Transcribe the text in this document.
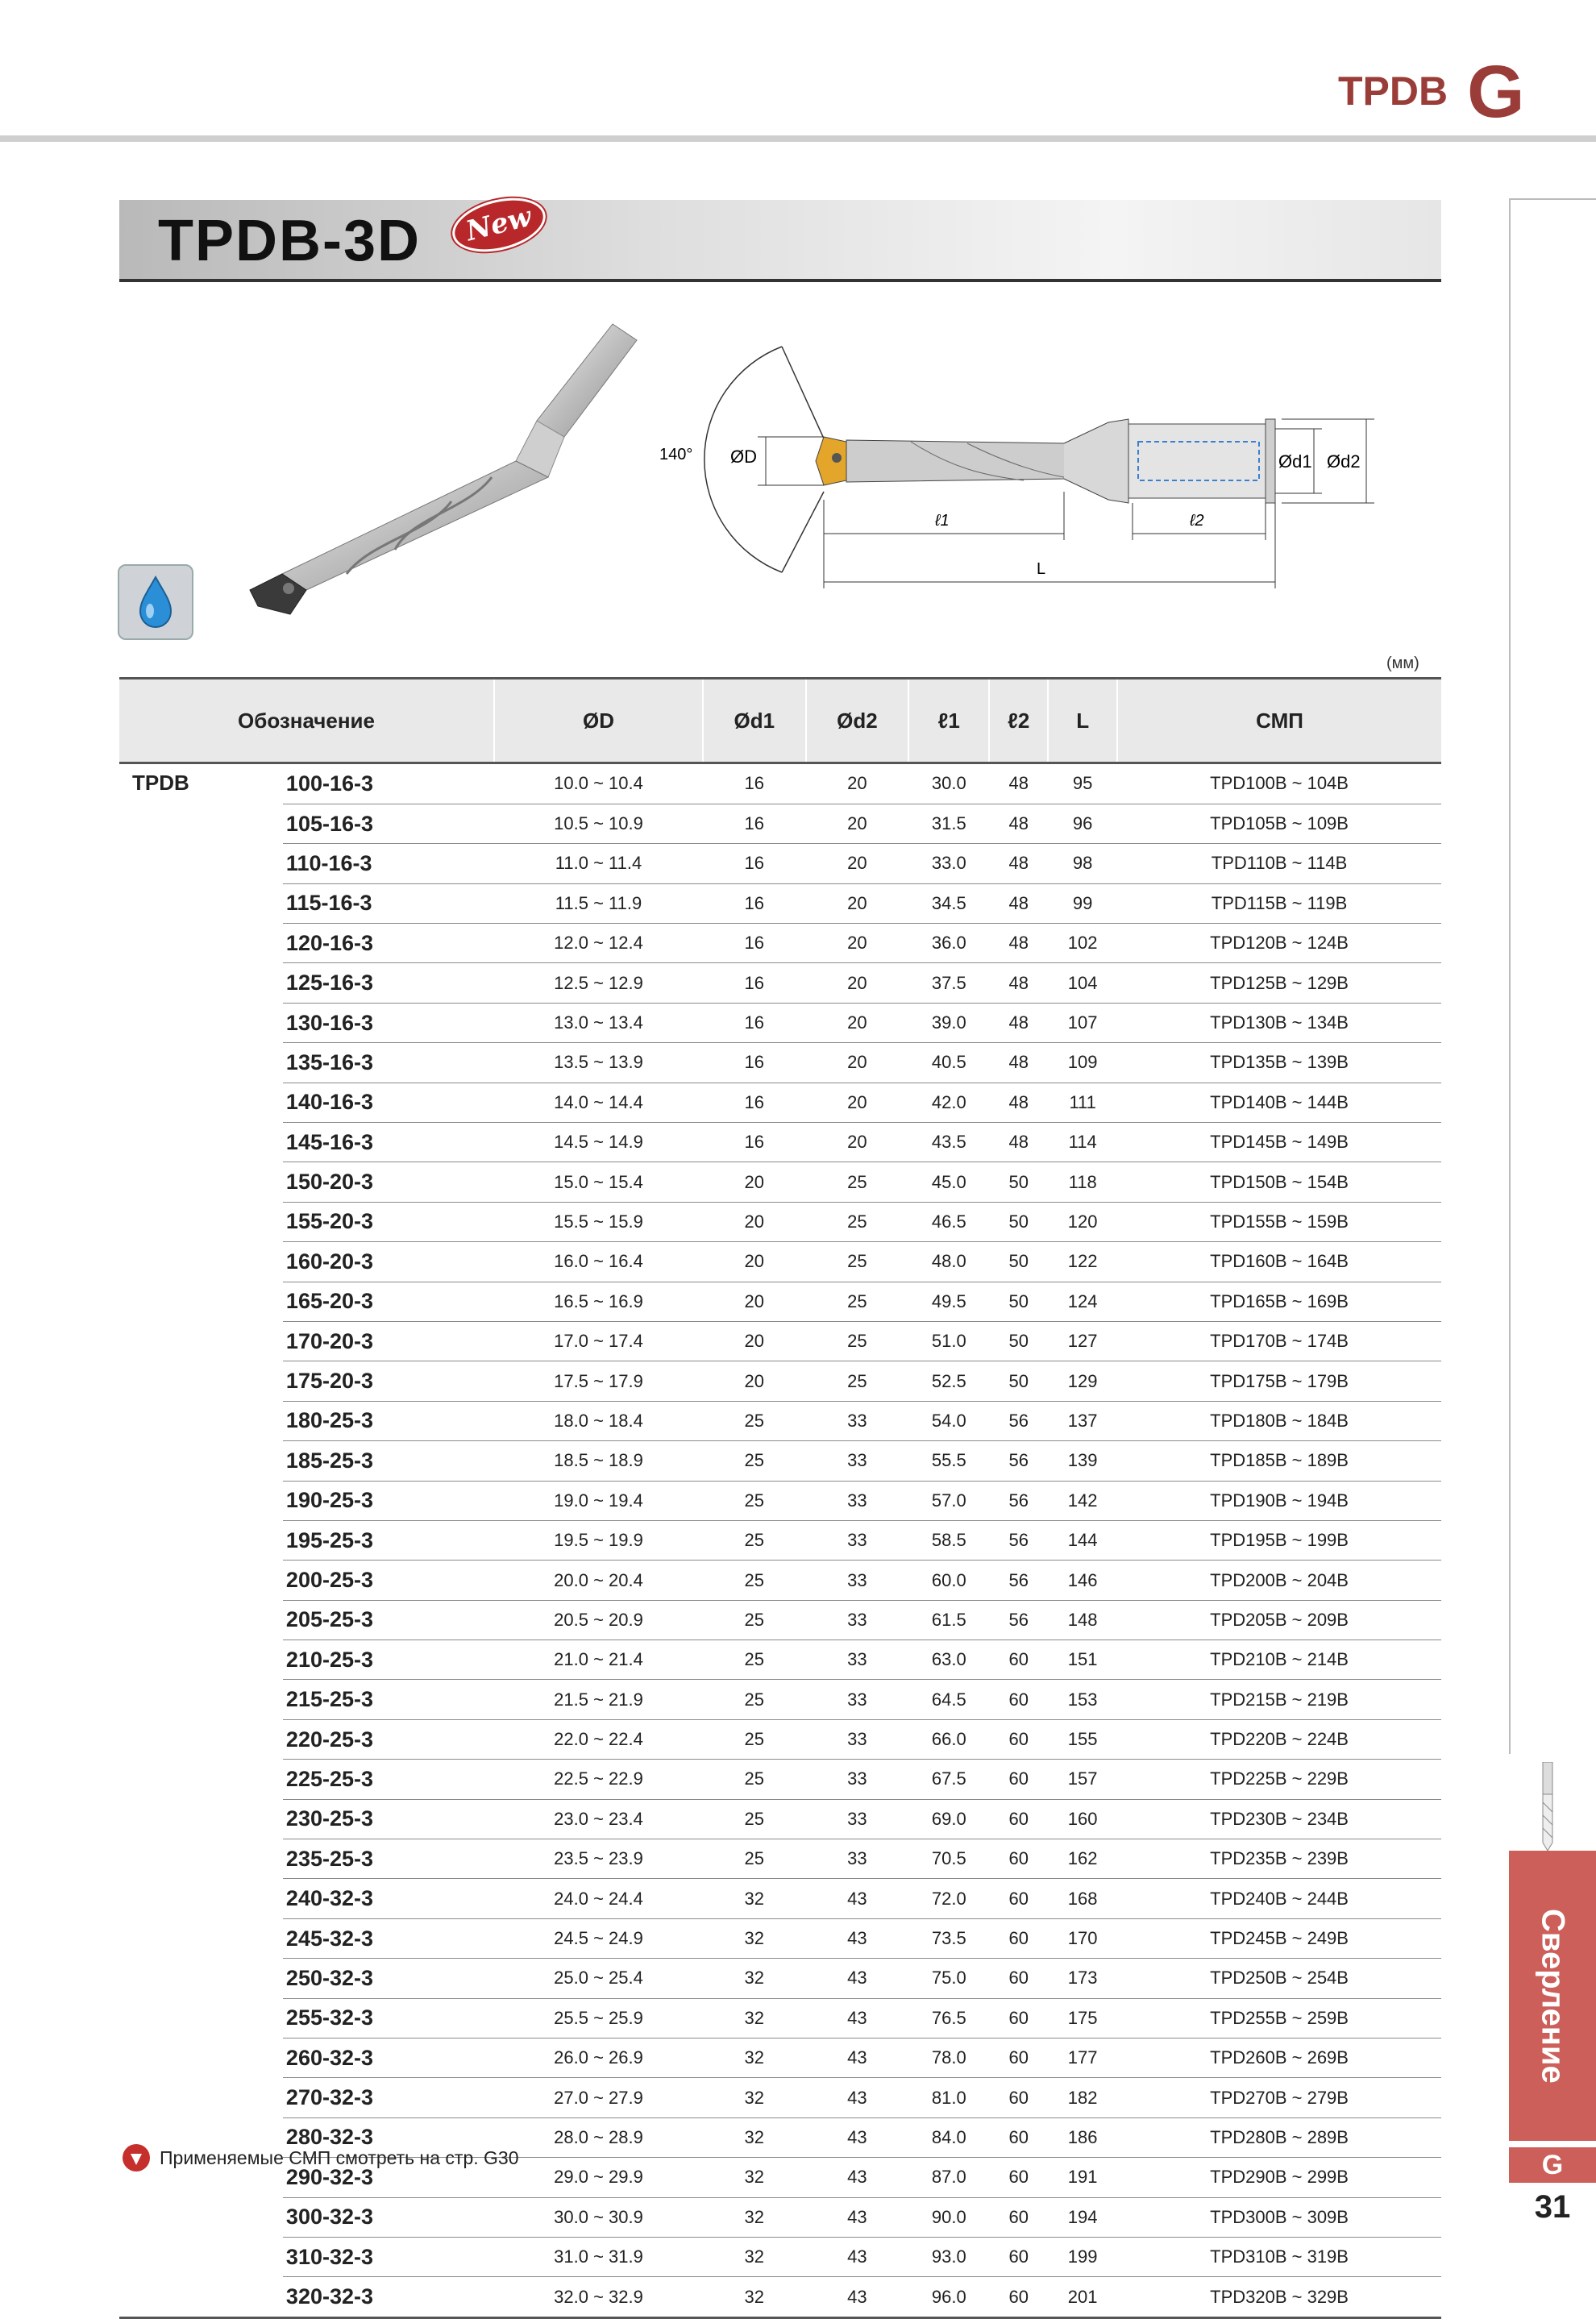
TPDB G
TPDB-3D	New
Сверление
G
31
140° ØD	Ød1 Ød2
ℓ1	ℓ2
L
(мм)
Обозначение		ØD	Ød1	Ød2	ℓ1	ℓ2	L	СМП
TPDB	100-16-3	10.0 ~ 10.4	16	20	30.0	48	95	TPD100B ~ 104B
	105-16-3	10.5 ~ 10.9	16	20	31.5	48	96	TPD105B ~ 109B
	110-16-3	11.0 ~ 11.4	16	20	33.0	48	98	TPD110B ~ 114B
	115-16-3	11.5 ~ 11.9	16	20	34.5	48	99	TPD115B ~ 119B
	120-16-3	12.0 ~ 12.4	16	20	36.0	48	102	TPD120B ~ 124B
	125-16-3	12.5 ~ 12.9	16	20	37.5	48	104	TPD125B ~ 129B
	130-16-3	13.0 ~ 13.4	16	20	39.0	48	107	TPD130B ~ 134B
	135-16-3	13.5 ~ 13.9	16	20	40.5	48	109	TPD135B ~ 139B
	140-16-3	14.0 ~ 14.4	16	20	42.0	48	111	TPD140B ~ 144B
	145-16-3	14.5 ~ 14.9	16	20	43.5	48	114	TPD145B ~ 149B
	150-20-3	15.0 ~ 15.4	20	25	45.0	50	118	TPD150B ~ 154B
	155-20-3	15.5 ~ 15.9	20	25	46.5	50	120	TPD155B ~ 159B
	160-20-3	16.0 ~ 16.4	20	25	48.0	50	122	TPD160B ~ 164B
	165-20-3	16.5 ~ 16.9	20	25	49.5	50	124	TPD165B ~ 169B
	170-20-3	17.0 ~ 17.4	20	25	51.0	50	127	TPD170B ~ 174B
	175-20-3	17.5 ~ 17.9	20	25	52.5	50	129	TPD175B ~ 179B
	180-25-3	18.0 ~ 18.4	25	33	54.0	56	137	TPD180B ~ 184B
	185-25-3	18.5 ~ 18.9	25	33	55.5	56	139	TPD185B ~ 189B
	190-25-3	19.0 ~ 19.4	25	33	57.0	56	142	TPD190B ~ 194B
	195-25-3	19.5 ~ 19.9	25	33	58.5	56	144	TPD195B ~ 199B
	200-25-3	20.0 ~ 20.4	25	33	60.0	56	146	TPD200B ~ 204B
	205-25-3	20.5 ~ 20.9	25	33	61.5	56	148	TPD205B ~ 209B
	210-25-3	21.0 ~ 21.4	25	33	63.0	60	151	TPD210B ~ 214B
	215-25-3	21.5 ~ 21.9	25	33	64.5	60	153	TPD215B ~ 219B
	220-25-3	22.0 ~ 22.4	25	33	66.0	60	155	TPD220B ~ 224B
	225-25-3	22.5 ~ 22.9	25	33	67.5	60	157	TPD225B ~ 229B
	230-25-3	23.0 ~ 23.4	25	33	69.0	60	160	TPD230B ~ 234B
	235-25-3	23.5 ~ 23.9	25	33	70.5	60	162	TPD235B ~ 239B
	240-32-3	24.0 ~ 24.4	32	43	72.0	60	168	TPD240B ~ 244B
	245-32-3	24.5 ~ 24.9	32	43	73.5	60	170	TPD245B ~ 249B
	250-32-3	25.0 ~ 25.4	32	43	75.0	60	173	TPD250B ~ 254B
	255-32-3	25.5 ~ 25.9	32	43	76.5	60	175	TPD255B ~ 259B
	260-32-3	26.0 ~ 26.9	32	43	78.0	60	177	TPD260B ~ 269B
	270-32-3	27.0 ~ 27.9	32	43	81.0	60	182	TPD270B ~ 279B
	280-32-3	28.0 ~ 28.9	32	43	84.0	60	186	TPD280B ~ 289B
	290-32-3	29.0 ~ 29.9	32	43	87.0	60	191	TPD290B ~ 299B
	300-32-3	30.0 ~ 30.9	32	43	90.0	60	194	TPD300B ~ 309B
	310-32-3	31.0 ~ 31.9	32	43	93.0	60	199	TPD310B ~ 319B
	320-32-3	32.0 ~ 32.9	32	43	96.0	60	201	TPD320B ~ 329B
Применяемые СМП смотреть на стр. G30
